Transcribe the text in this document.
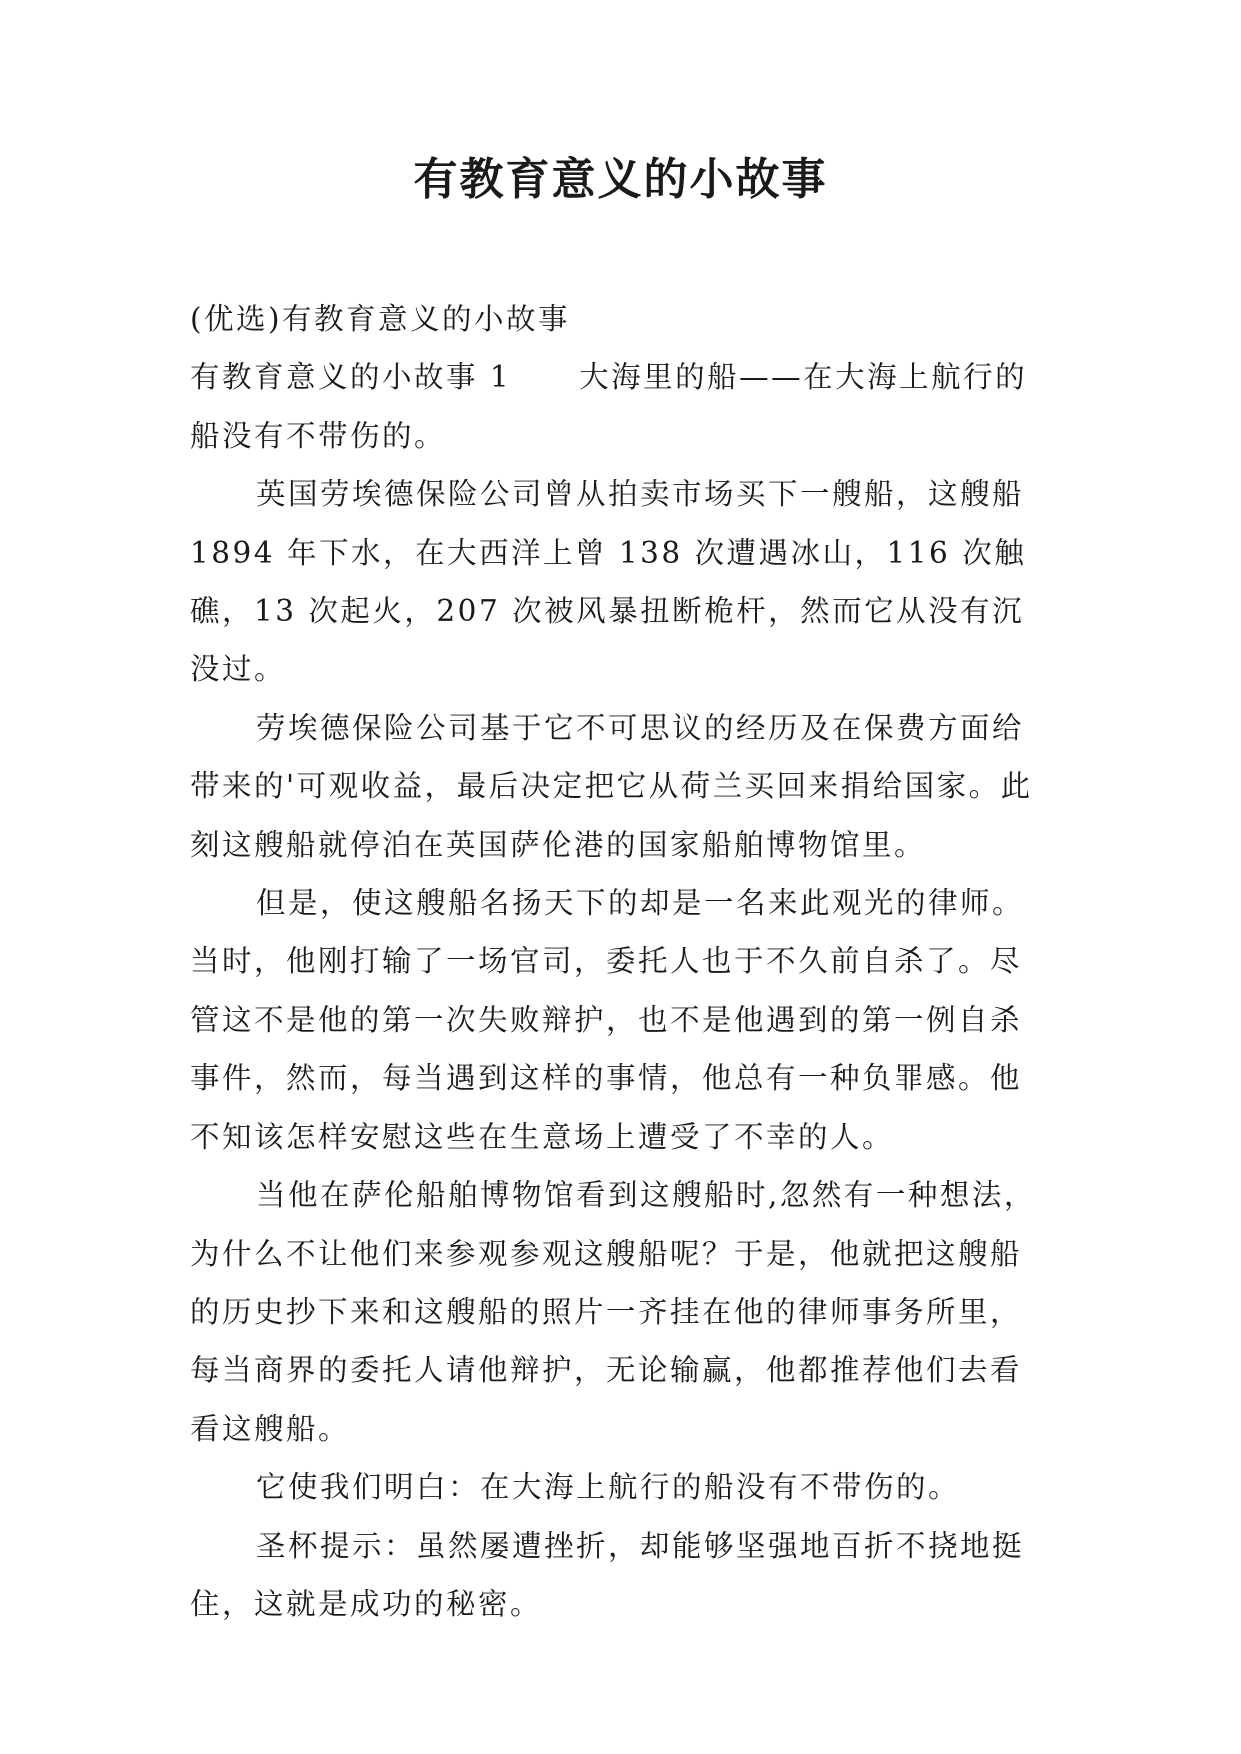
有教育意义的小故事

(优选)有教育意义的小故事

有教育意义的小故事 1 大海里的船——在大海上航行的船没有不带伤的。

英国劳埃德保险公司曾从拍卖市场买下一艘船，这艘船1894 年下水，在大西洋上曾 138 次遭遇冰山，116 次触礁，13 次起火，207 次被风暴扭断桅杆，然而它从没有沉没过。

劳埃德保险公司基于它不可思议的经历及在保费方面给带来的'可观收益，最后决定把它从荷兰买回来捐给国家。此刻这艘船就停泊在英国萨伦港的国家船舶博物馆里。

但是，使这艘船名扬天下的却是一名来此观光的律师。当时，他刚打输了一场官司，委托人也于不久前自杀了。尽管这不是他的第一次失败辩护，也不是他遇到的第一例自杀事件，然而，每当遇到这样的事情，他总有一种负罪感。他不知该怎样安慰这些在生意场上遭受了不幸的人。

当他在萨伦船舶博物馆看到这艘船时,忽然有一种想法，为什么不让他们来参观参观这艘船呢？于是，他就把这艘船的历史抄下来和这艘船的照片一齐挂在他的律师事务所里，每当商界的委托人请他辩护，无论输赢，他都推荐他们去看看这艘船。

它使我们明白：在大海上航行的船没有不带伤的。

圣杯提示：虽然屡遭挫折，却能够坚强地百折不挠地挺住，这就是成功的秘密。
